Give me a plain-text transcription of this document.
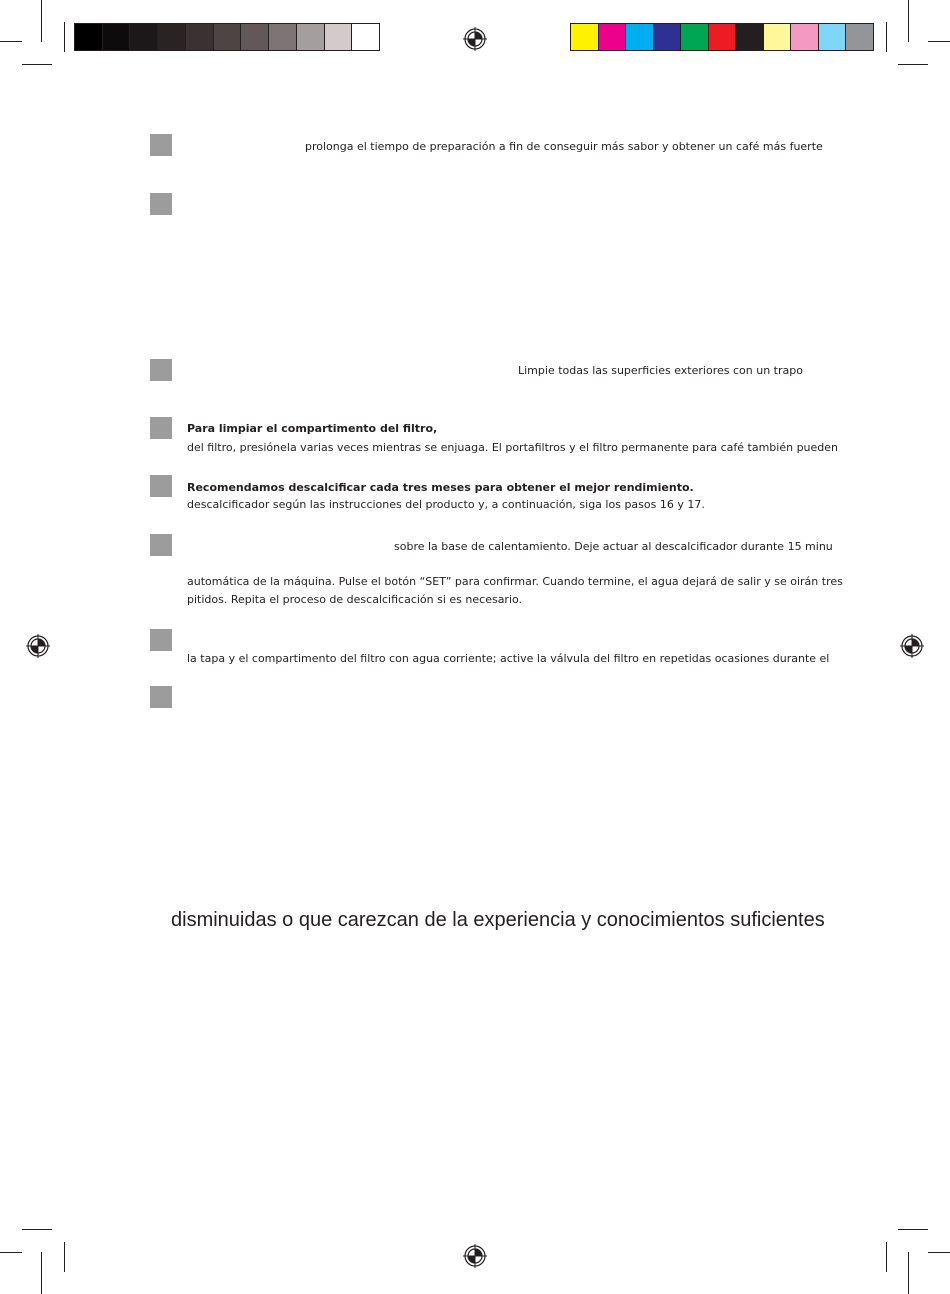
prolonga el tiempo de preparación a fin de conseguir más sabor y obtener un café más fuerte
Limpie todas las superficies exteriores con un trapo
Para limpiar el compartimento del filtro,
del filtro, presiónela varias veces mientras se enjuaga. El portafiltros y el filtro permanente para café también pueden
Recomendamos descalcificar cada tres meses para obtener el mejor rendimiento.
descalcificador según las instrucciones del producto y, a continuación, siga los pasos 16 y 17.
sobre la base de calentamiento. Deje actuar al descalcificador durante 15 minu
automática de la máquina. Pulse el botón “SET” para confirmar. Cuando termine, el agua dejará de salir y se oirán tres
pitidos. Repita el proceso de descalcificación si es necesario.
la tapa y el compartimento del filtro con agua corriente; active la válvula del filtro en repetidas ocasiones durante el
disminuidas o que carezcan de la experiencia y conocimientos suficientes
